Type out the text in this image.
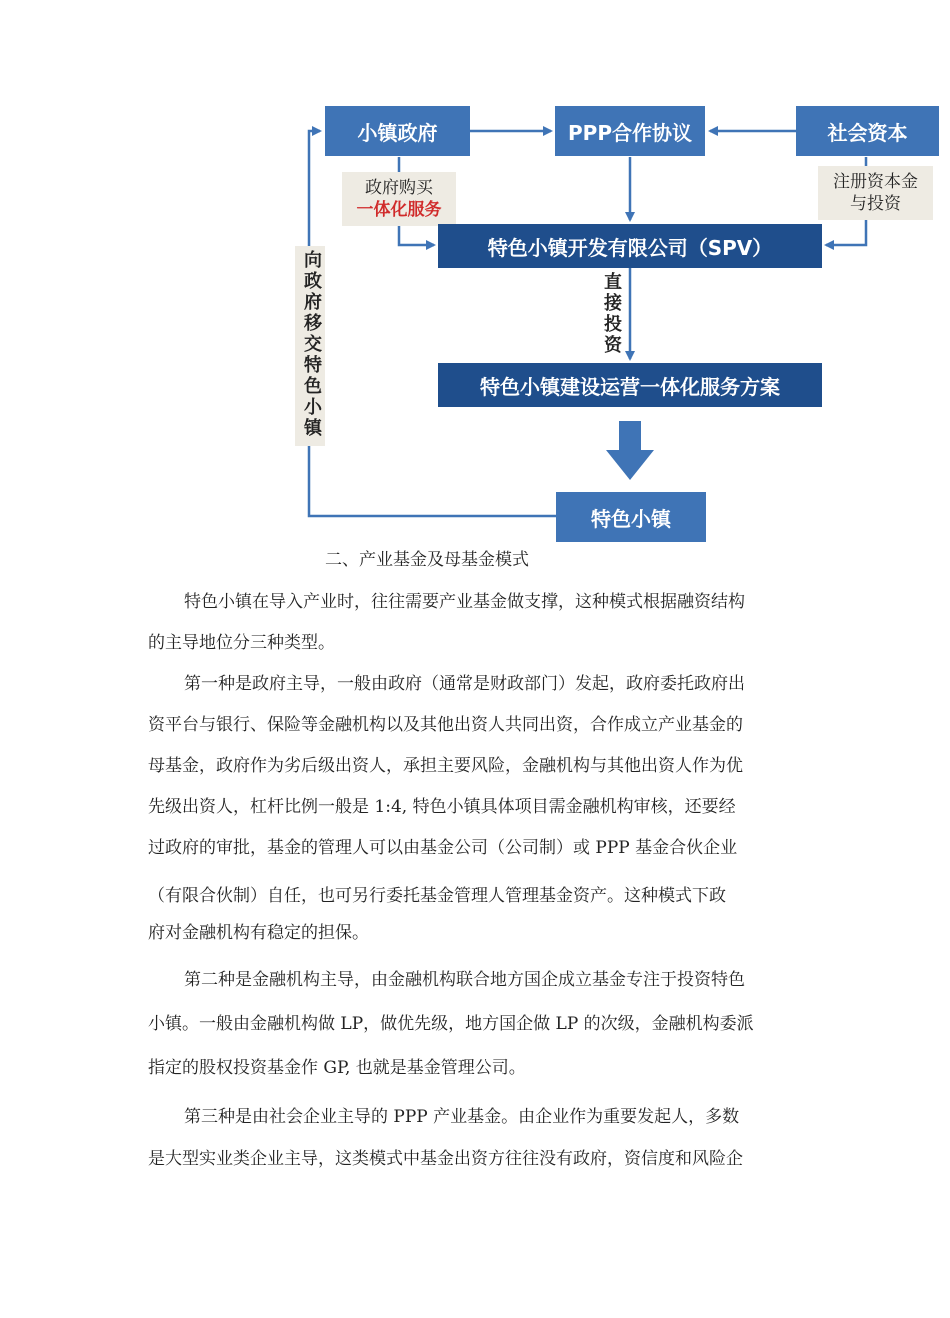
小镇政府	PPP合作协议	社会资本
政府购买
一体化服务
注册资本金
与投资
特色小镇开发有限公司（SPV）
直接投资
特色小镇建设运营一体化服务方案
特色小镇
向政府移交特色小镇
二、产业基金及母基金模式
特色小镇在导入产业时，往往需要产业基金做支撑，这种模式根据融资结构
的主导地位分三种类型。
第一种是政府主导，一般由政府（通常是财政部门）发起，政府委托政府出
资平台与银行、保险等金融机构以及其他出资人共同出资，合作成立产业基金的
母基金，政府作为劣后级出资人，承担主要风险，金融机构与其他出资人作为优
先级出资人，杠杆比例一般是 1:4, 特色小镇具体项目需金融机构审核，还要经
过政府的审批，基金的管理人可以由基金公司（公司制）或 PPP 基金合伙企业
（有限合伙制）自任，也可另行委托基金管理人管理基金资产。这种模式下政
府对金融机构有稳定的担保。
第二种是金融机构主导，由金融机构联合地方国企成立基金专注于投资特色
小镇。一般由金融机构做 LP，做优先级，地方国企做 LP 的次级，金融机构委派
指定的股权投资基金作 GP, 也就是基金管理公司。
第三种是由社会企业主导的 PPP 产业基金。由企业作为重要发起人，多数
是大型实业类企业主导，这类模式中基金出资方往往没有政府，资信度和风险企
